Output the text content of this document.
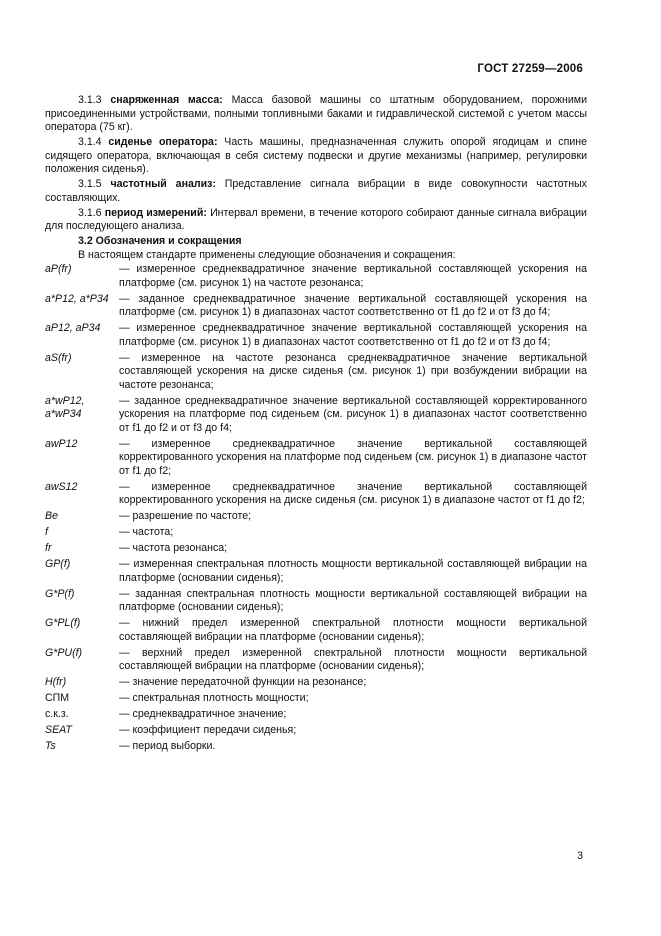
ГОСТ 27259—2006

3.1.3 снаряженная масса: Масса базовой машины со штатным оборудованием, порожними присоединенными устройствами, полными топливными баками и гидравлической системой с учетом массы оператора (75 кг).

3.1.4 сиденье оператора: Часть машины, предназначенная служить опорой ягодицам и спине сидящего оператора, включающая в себя систему подвески и другие механизмы (например, регулировки положения сиденья).

3.1.5 частотный анализ: Представление сигнала вибрации в виде совокупности частотных составляющих.

3.1.6 период измерений: Интервал времени, в течение которого собирают данные сигнала вибрации для последующего анализа.

3.2 Обозначения и сокращения
В настоящем стандарте применены следующие обозначения и сокращения:
aP(fr)	— измеренное среднеквадратичное значение вертикальной составляющей ускорения на платформе (см. рисунок 1) на частоте резонанса;
a*P12, a*P34 — заданное среднеквадратичное значение вертикальной составляющей ускорения на платформе (см. рисунок 1) в диапазонах частот соответственно от f1 до f2 и от f3 до f4;
aP12, aP34	— измеренное среднеквадратичное значение вертикальной составляющей ускорения на платформе (см. рисунок 1) в диапазонах частот соответственно от f1 до f2 и от f3 до f4;
aS(fr)	— измеренное на частоте резонанса среднеквадратичное значение вертикальной составляющей ускорения на диске сиденья (см. рисунок 1) при возбуждении вибрации на частоте резонанса;
a*wP12, a*wP34
— заданное среднеквадратичное значение вертикальной составляющей корректированного ускорения на платформе под сиденьем (см. рисунок 1) в диапазонах частот соответственно от f1 до f2 и от f3 до f4;
awP12	— измеренное среднеквадратичное значение вертикальной составляющей корректированного ускорения на платформе под сиденьем (см. рисунок 1) в диапазоне частот от f1 до f2;
awS12	— измеренное среднеквадратичное значение вертикальной составляющей корректированного ускорения на диске сиденья (см. рисунок 1) в диапазоне частот от f1 до f2;
Be	— разрешение по частоте;
f	— частота;
fr	— частота резонанса;
GP(f)	— измеренная спектральная плотность мощности вертикальной составляющей вибрации на платформе (основании сиденья);
G*P(f)	— заданная спектральная плотность мощности вертикальной составляющей вибрации на платформе (основании сиденья);
G*PL(f)	— нижний предел измеренной спектральной плотности мощности вертикальной составляющей вибрации на платформе (основании сиденья);
G*PU(f)	— верхний предел измеренной спектральной плотности мощности вертикальной составляющей вибрации на платформе (основании сиденья);
H(fr)	— значение передаточной функции на резонансе;
СПМ	— спектральная плотность мощности;
с.к.з.	— среднеквадратичное значение;
SEAT	— коэффициент передачи сиденья;
Ts	— период выборки.
3
